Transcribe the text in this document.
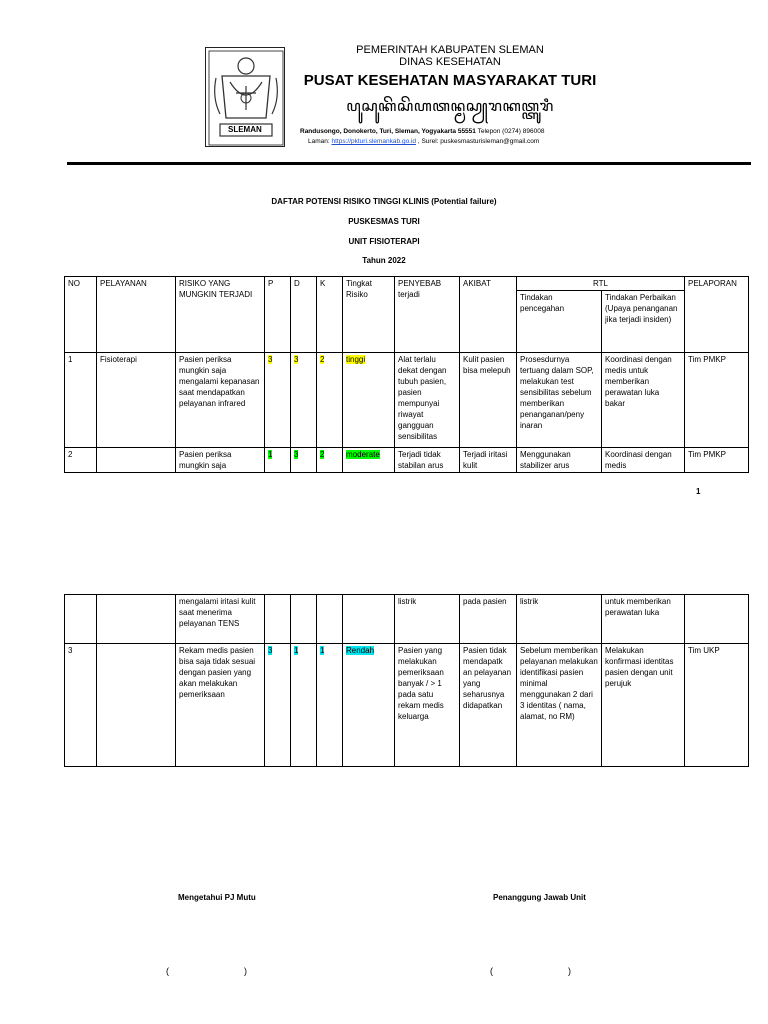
SLEMAN
PEMERINTAH KABUPATEN SLEMAN
DINAS KESEHATAN
PUSAT KESEHATAN MASYARAKAT TURI
ꦥꦸꦱꦸꦏꦼꦱꦼꦲꦠꦤ꧀ꦩꦱꦾꦫꦏꦠ꧀ꦠꦸꦫꦶ
Randusongo, Donokerto, Turi, Sleman, Yogyakarta 55551 Telepon (0274) 896008
Laman: https://pkturi.slemankab.go.id , Surel: puskesmasturisleman@gmail.com
DAFTAR POTENSI RISIKO TINGGI KLINIS (Potential failure)
PUSKESMAS TURI
UNIT FISIOTERAPI
Tahun 2022
NO	PELAYANAN	RISIKO YANG MUNGKIN TERJADI	P	D	K	Tingkat Risiko	PENYEBAB terjadi	AKIBAT	RTL		PELAPORAN
									Tindakan pencegahan	Tindakan Perbaikan (Upaya penanganan jika terjadi insiden)	
1	Fisioterapi	Pasien periksa mungkin saja mengalami kepanasan saat mendapatkan pelayanan infrared	3	3	2	tinggi	Alat terlalu dekat dengan tubuh pasien, pasien mempunyai riwayat gangguan sensibilitas	Kulit pasien bisa melepuh	Prosesdurnya tertuang dalam SOP, melakukan test sensibilitas sebelum memberikan penanganan/peny inaran	Koordinasi dengan medis untuk memberikan perawatan luka bakar	Tim PMKP
2		Pasien periksa mungkin saja	1	3	2	moderate	Terjadi tidak stabilan arus	Terjadi iritasi kulit	Menggunakan stabilizer arus	Koordinasi dengan medis	Tim PMKP
1
		mengalami iritasi kulit saat menerima pelayanan TENS					listrik	pada pasien	listrik	untuk memberikan perawatan luka	
3		Rekam medis pasien bisa saja tidak sesuai dengan pasien yang akan melakukan pemeriksaan	3	1	1	Rendah	Pasien yang melakukan pemeriksaan banyak / > 1 pada satu rekam medis keluarga	Pasien tidak mendapatk an pelayanan yang seharusnya didapatkan	Sebelum memberikan pelayanan melakukan identifikasi pasien minimal menggunakan 2 dari 3 identitas ( nama, alamat, no RM)	Melakukan konfirmasi identitas pasien dengan unit perujuk	Tim UKP
Mengetahui PJ Mutu	Penanggung Jawab Unit
(                              )	(                              )
